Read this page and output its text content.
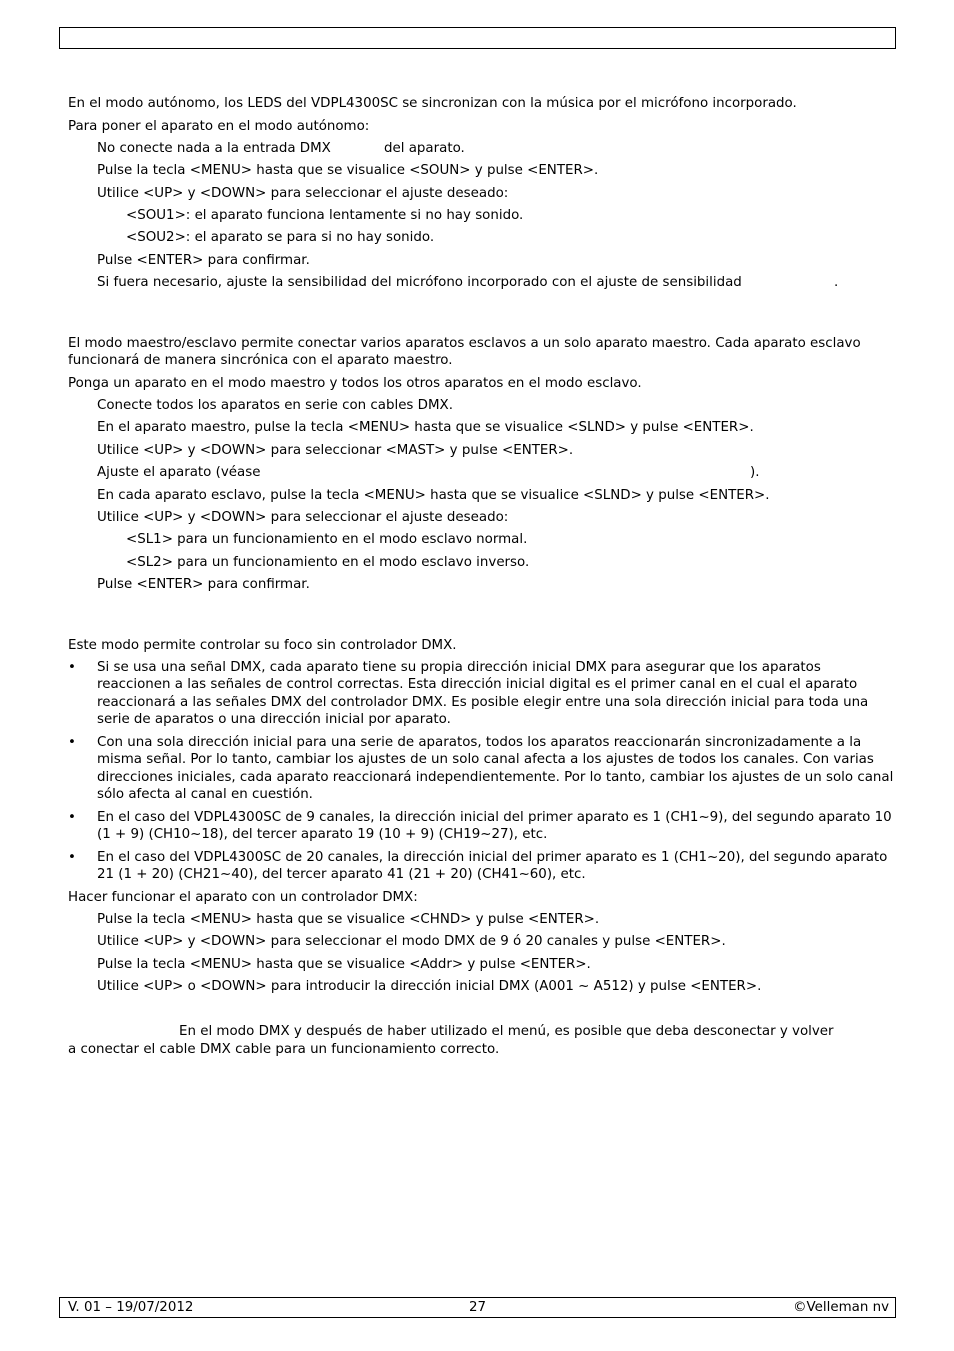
En el modo autónomo, los LEDS del VDPL4300SC se sincronizan con la música por el micrófono incorporado.
Para poner el aparato en el modo autónomo:
No conecte nada a la entrada DMX	del aparato.
Pulse la tecla <MENU> hasta que se visualice <SOUN> y pulse <ENTER>.
Utilice <UP> y <DOWN> para seleccionar el ajuste deseado:
<SOU1>: el aparato funciona lentamente si no hay sonido.
<SOU2>: el aparato se para si no hay sonido.
Pulse <ENTER> para confirmar.
Si fuera necesario, ajuste la sensibilidad del micrófono incorporado con el ajuste de sensibilidad	.
El modo maestro/esclavo permite conectar varios aparatos esclavos a un solo aparato maestro. Cada aparato esclavo funcionará de manera sincrónica con el aparato maestro.
Ponga un aparato en el modo maestro y todos los otros aparatos en el modo esclavo.
Conecte todos los aparatos en serie con cables DMX.
En el aparato maestro, pulse la tecla <MENU> hasta que se visualice <SLND> y pulse <ENTER>.
Utilice <UP> y <DOWN> para seleccionar <MAST> y pulse <ENTER>.
Ajuste el aparato (véase	).
En cada aparato esclavo, pulse la tecla <MENU> hasta que se visualice <SLND> y pulse <ENTER>.
Utilice <UP> y <DOWN> para seleccionar el ajuste deseado:
<SL1> para un funcionamiento en el modo esclavo normal.
<SL2> para un funcionamiento en el modo esclavo inverso.
Pulse <ENTER> para confirmar.
Este modo permite controlar su foco sin controlador DMX.
• Si se usa una señal DMX, cada aparato tiene su propia dirección inicial DMX para asegurar que los aparatos reaccionen a las señales de control correctas. Esta dirección inicial digital es el primer canal en el cual el aparato reaccionará a las señales DMX del controlador DMX. Es posible elegir entre una sola dirección inicial para toda una serie de aparatos o una dirección inicial por aparato.
• Con una sola dirección inicial para una serie de aparatos, todos los aparatos reaccionarán sincronizadamente a la misma señal. Por lo tanto, cambiar los ajustes de un solo canal afecta a los ajustes de todos los canales. Con varias direcciones iniciales, cada aparato reaccionará independientemente. Por lo tanto, cambiar los ajustes de un solo canal sólo afecta al canal en cuestión.
• En el caso del VDPL4300SC de 9 canales, la dirección inicial del primer aparato es 1 (CH1~9), del segundo aparato 10 (1 + 9) (CH10~18), del tercer aparato 19 (10 + 9) (CH19~27), etc.
• En el caso del VDPL4300SC de 20 canales, la dirección inicial del primer aparato es 1 (CH1~20), del segundo aparato 21 (1 + 20) (CH21~40), del tercer aparato 41 (21 + 20) (CH41~60), etc.
Hacer funcionar el aparato con un controlador DMX:
Pulse la tecla <MENU> hasta que se visualice <CHND> y pulse <ENTER>.
Utilice <UP> y <DOWN> para seleccionar el modo DMX de 9 ó 20 canales y pulse <ENTER>.
Pulse la tecla <MENU> hasta que se visualice <Addr> y pulse <ENTER>.
Utilice <UP> o <DOWN> para introducir la dirección inicial DMX (A001 ~ A512) y pulse <ENTER>.
En el modo DMX y después de haber utilizado el menú, es posible que deba desconectar y volver
a conectar el cable DMX cable para un funcionamiento correcto.
V. 01 – 19/07/2012	27	©Velleman nv
